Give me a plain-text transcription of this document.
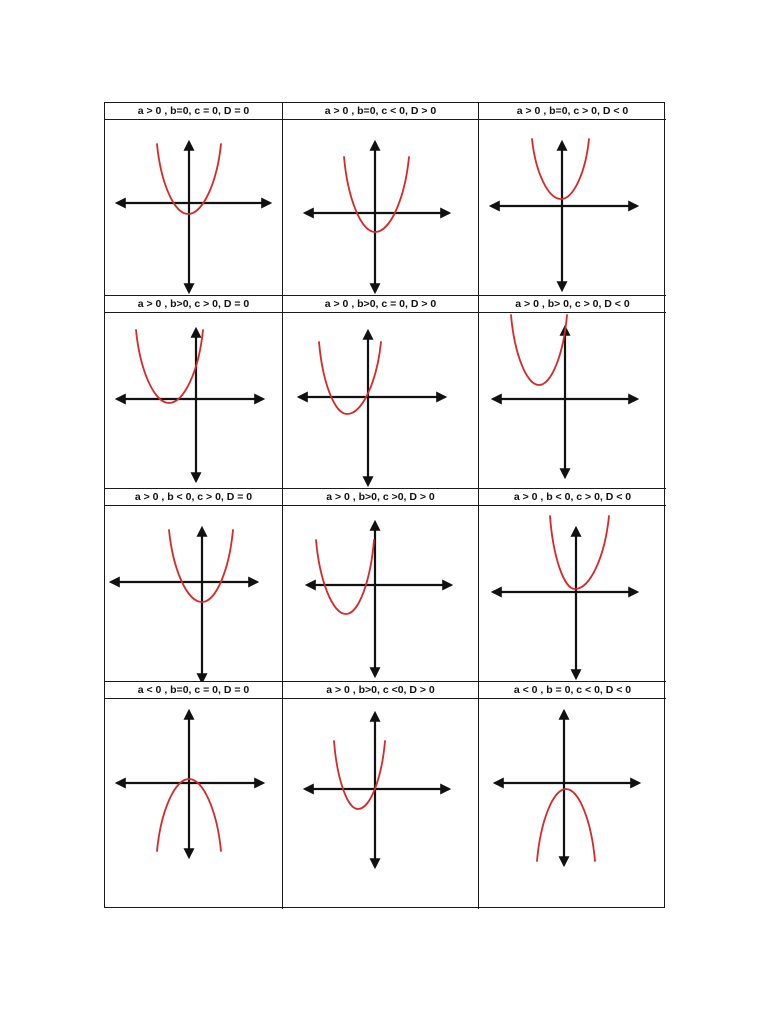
a > 0 , b=0, c = 0, D = 0	a > 0 , b=0, c < 0, D > 0	a > 0 , b=0, c > 0, D < 0
a > 0 , b>0, c > 0, D = 0	a > 0 , b>0, c = 0, D > 0	a > 0 , b> 0, c > 0, D < 0
a > 0 , b < 0, c > 0, D = 0	a > 0 , b>0, c >0, D > 0	a > 0 , b < 0, c > 0, D < 0
a < 0 , b=0, c = 0, D = 0	a > 0 , b>0, c <0, D > 0	a < 0 , b = 0, c < 0, D < 0
